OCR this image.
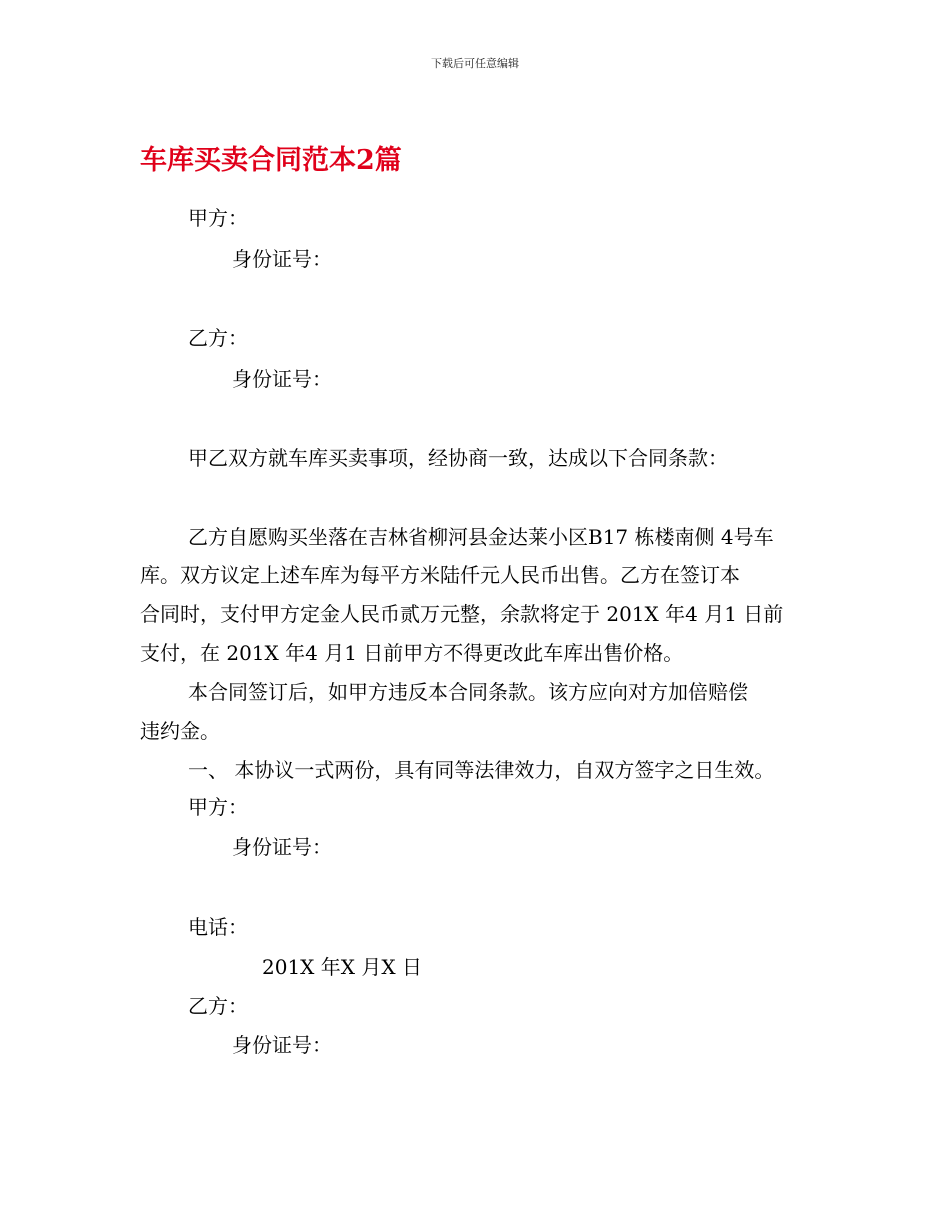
下载后可任意编辑
车库买卖合同范本2篇
甲方：
身份证号：
乙方：
身份证号：
甲乙双方就车库买卖事项，经协商一致，达成以下合同条款：
乙方自愿购买坐落在吉林省柳河县金达莱小区B17 栋楼南侧 4号车
库。双方议定上述车库为每平方米陆仟元人民币出售。乙方在签订本
合同时，支付甲方定金人民币贰万元整，余款将定于 201X 年4 月1 日前
支付，在 201X 年4 月1 日前甲方不得更改此车库出售价格。
本合同签订后，如甲方违反本合同条款。该方应向对方加倍赔偿
违约金。
一、 本协议一式两份，具有同等法律效力，自双方签字之日生效。
甲方：
身份证号：
电话：
201X 年X 月X 日
乙方：
身份证号：
